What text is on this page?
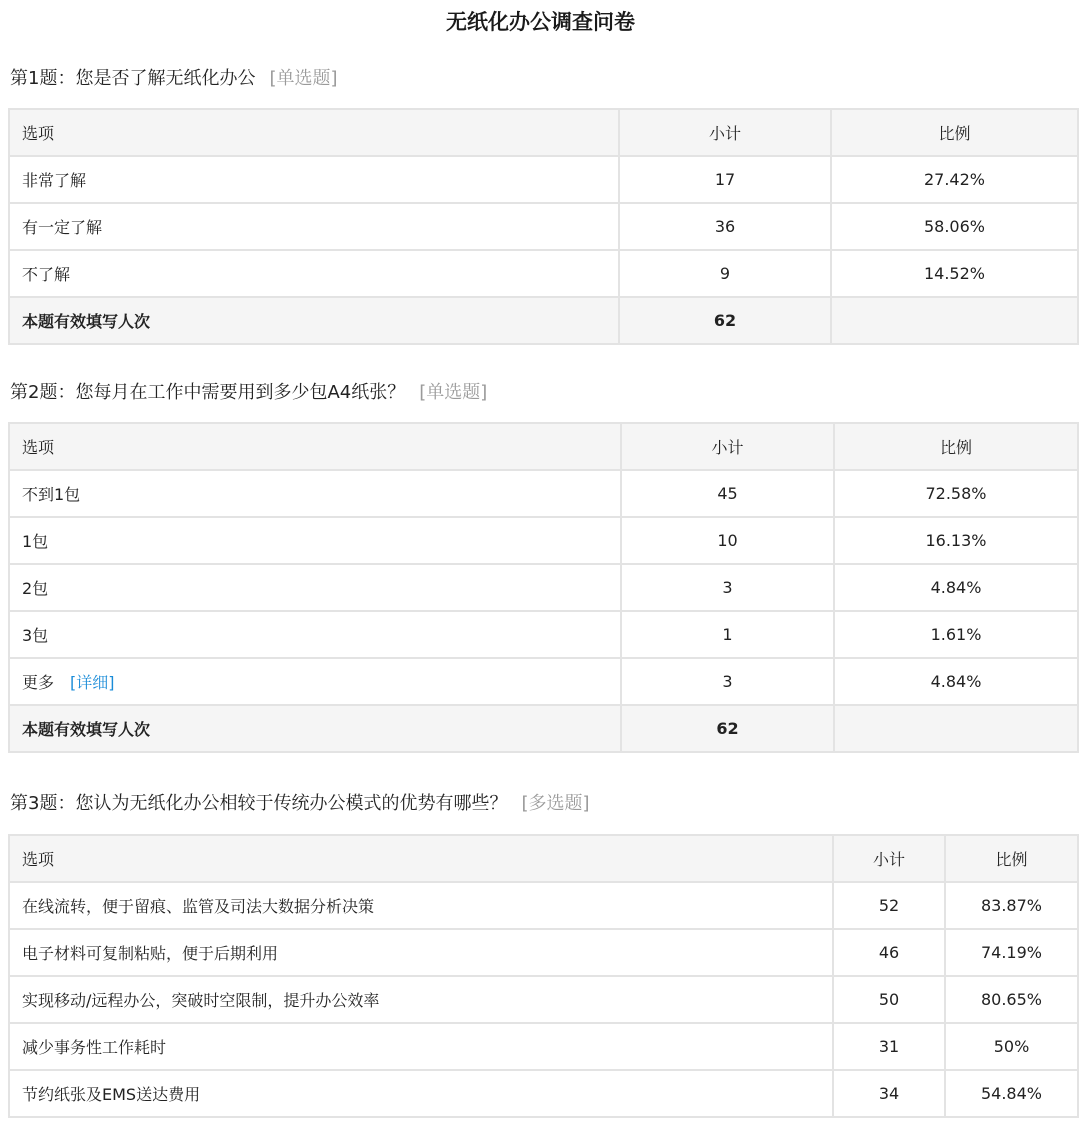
无纸化办公调查问卷
第1题：您是否了解无纸化办公 [单选题]
选项	小计	比例
非常了解	17	27.42%
有一定了解	36	58.06%
不了解	9	14.52%
本题有效填写人次	62	
第2题：您每月在工作中需要用到多少包A4纸张？ [单选题]
选项	小计	比例
不到1包	45	72.58%
1包	10	16.13%
2包	3	4.84%
3包	1	1.61%
更多 [详细]	3	4.84%
本题有效填写人次	62	
第3题：您认为无纸化办公相较于传统办公模式的优势有哪些？ [多选题]
选项	小计	比例
在线流转，便于留痕、监管及司法大数据分析决策	52	83.87%
电子材料可复制粘贴，便于后期利用	46	74.19%
实现移动/远程办公，突破时空限制，提升办公效率	50	80.65%
减少事务性工作耗时	31	50%
节约纸张及EMS送达费用	34	54.84%
